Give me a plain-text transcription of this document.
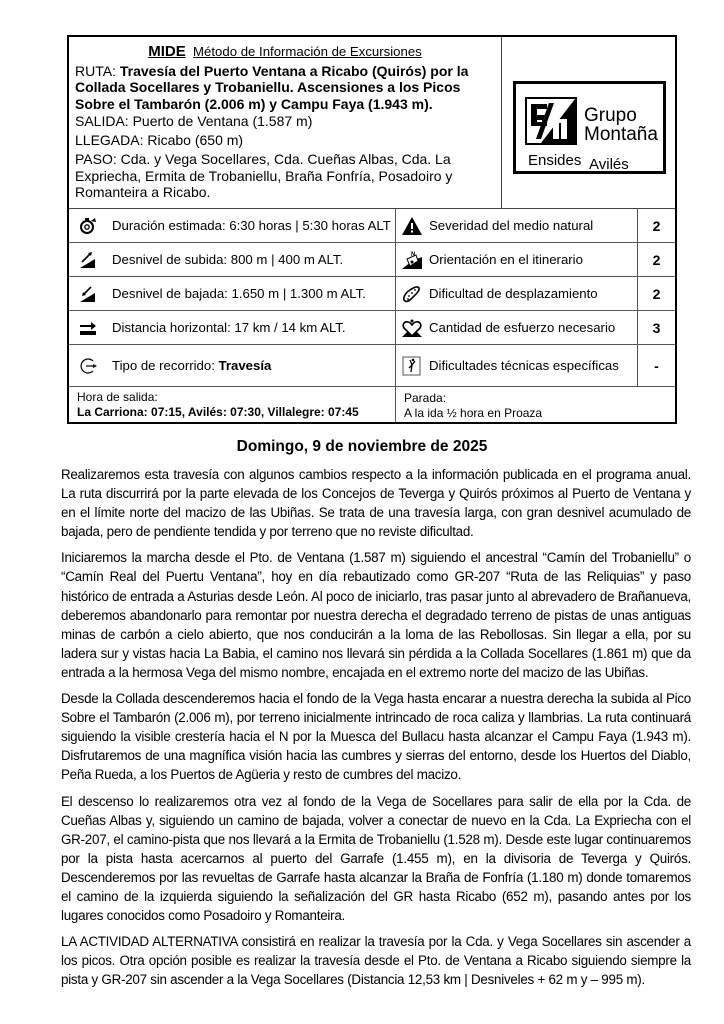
MIDE Método de Información de Excursiones
RUTA: Travesía del Puerto Ventana a Ricabo (Quirós) por la Collada Socellares y Trobaniellu. Ascensiones a los Picos Sobre el Tambarón (2.006 m) y Campu Faya (1.943 m).
SALIDA: Puerto de Ventana (1.587 m)
LLEGADA: Ricabo (650 m)
PASO: Cda. y Vega Socellares, Cda. Cueñas Albas, Cda. La Expriecha, Ermita de Trobaniellu, Braña Fonfría, Posadoiro y Romanteira a Ricabo.
Grupo
Montaña
Ensides Avilés
Duración estimada: 6:30 horas | 5:30 horas ALT	Severidad del medio natural	2
Desnivel de subida: 800 m | 400 m ALT.	N Orientación en el itinerario	2
Desnivel de bajada: 1.650 m | 1.300 m ALT.	Dificultad de desplazamiento	2
Distancia horizontal: 17 km / 14 km ALT.	Cantidad de esfuerzo necesario	3
Tipo de recorrido: Travesía	Dificultades técnicas específicas	-
Hora de salida:
La Carriona: 07:15, Avilés: 07:30, Villalegre: 07:45
Parada:
A la ida ½ hora en Proaza
Domingo, 9 de noviembre de 2025

Realizaremos esta travesía con algunos cambios respecto a la información publicada en el programa anual. La ruta discurrirá por la parte elevada de los Concejos de Teverga y Quirós próximos al Puerto de Ventana y en el límite norte del macizo de las Ubiñas. Se trata de una travesía larga, con gran desnivel acumulado de bajada, pero de pendiente tendida y por terreno que no reviste dificultad.

Iniciaremos la marcha desde el Pto. de Ventana (1.587 m) siguiendo el ancestral “Camín del Trobaniellu” o “Camín Real del Puertu Ventana”, hoy en día rebautizado como GR-207 “Ruta de las Reliquias” y paso histórico de entrada a Asturias desde León. Al poco de iniciarlo, tras pasar junto al abrevadero de Brañanueva, deberemos abandonarlo para remontar por nuestra derecha el degradado terreno de pistas de unas antiguas minas de carbón a cielo abierto, que nos conducirán a la loma de las Rebollosas. Sin llegar a ella, por su ladera sur y vistas hacia La Babia, el camino nos llevará sin pérdida a la Collada Socellares (1.861 m) que da entrada a la hermosa Vega del mismo nombre, encajada en el extremo norte del macizo de las Ubiñas.

Desde la Collada descenderemos hacia el fondo de la Vega hasta encarar a nuestra derecha la subida al Pico Sobre el Tambarón (2.006 m), por terreno inicialmente intrincado de roca caliza y llambrias. La ruta continuará siguiendo la visible crestería hacia el N por la Muesca del Bullacu hasta alcanzar el Campu Faya (1.943 m). Disfrutaremos de una magnífica visión hacia las cumbres y sierras del entorno, desde los Huertos del Diablo, Peña Rueda, a los Puertos de Agüeria y resto de cumbres del macizo.

El descenso lo realizaremos otra vez al fondo de la Vega de Socellares para salir de ella por la Cda. de Cueñas Albas y, siguiendo un camino de bajada, volver a conectar de nuevo en la Cda. La Expriecha con el GR-207, el camino-pista que nos llevará a la Ermita de Trobaniellu (1.528 m). Desde este lugar continuaremos por la pista hasta acercarnos al puerto del Garrafe (1.455 m), en la divisoria de Teverga y Quirós. Descenderemos por las revueltas de Garrafe hasta alcanzar la Braña de Fonfría (1.180 m) donde tomaremos el camino de la izquierda siguiendo la señalización del GR hasta Ricabo (652 m), pasando antes por los lugares conocidos como Posadoiro y Romanteira.

LA ACTIVIDAD ALTERNATIVA consistirá en realizar la travesía por la Cda. y Vega Socellares sin ascender a los picos. Otra opción posible es realizar la travesía desde el Pto. de Ventana a Ricabo siguiendo siempre la pista y GR-207 sin ascender a la Vega Socellares (Distancia 12,53 km | Desniveles + 62 m y – 995 m).
